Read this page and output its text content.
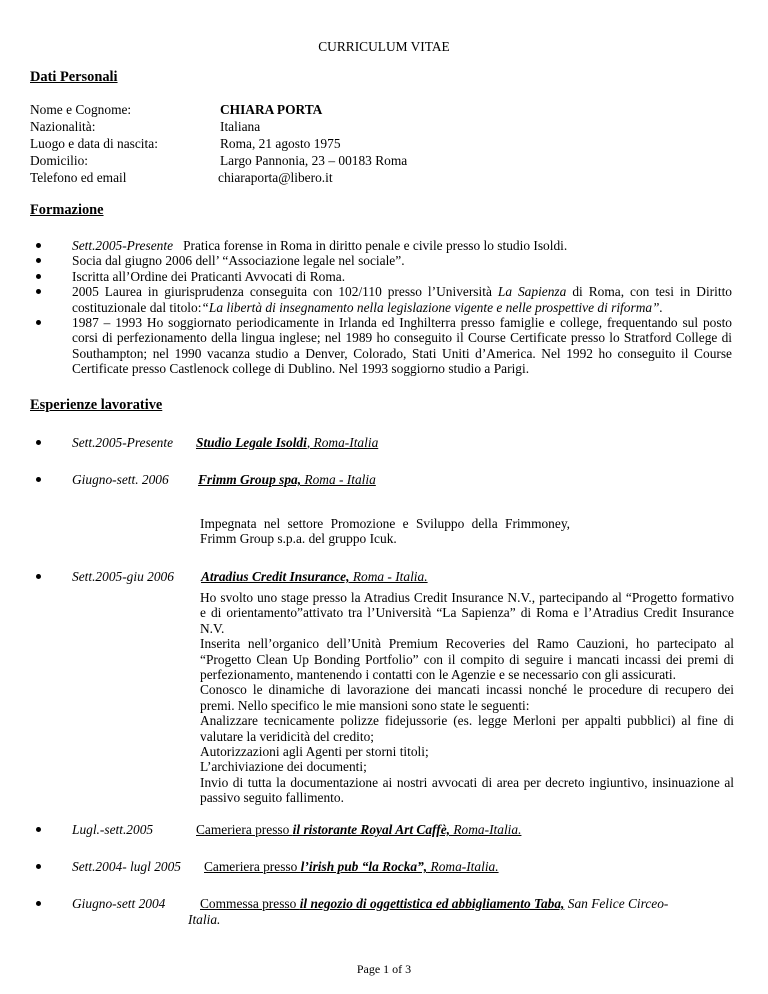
CURRICULUM VITAE
Dati Personali
Nome e Cognome:	CHIARA PORTA
Nazionalità:	Italiana
Luogo e data di nascita:	Roma, 21 agosto 1975
Domicilio:	Largo Pannonia, 23 – 00183 Roma
Telefono ed email	chiaraporta@libero.it
Formazione
Sett.2005-Presente Pratica forense in Roma in diritto penale e civile presso lo studio Isoldi.
Socia dal giugno 2006 dell’ “Associazione legale nel sociale”.
Iscritta all’Ordine dei Praticanti Avvocati di Roma.
2005 Laurea in giurisprudenza conseguita con 102/110 presso l’Università La Sapienza di Roma, con tesi in Diritto costituzionale dal titolo:“La libertà di insegnamento nella legislazione vigente e nelle prospettive di riforma”.
1987 – 1993 Ho soggiornato periodicamente in Irlanda ed Inghilterra presso famiglie e college, frequentando sul posto corsi di perfezionamento della lingua inglese; nel 1989 ho conseguito il Course Certificate presso lo Stratford College di Southampton; nel 1990 vacanza studio a Denver, Colorado, Stati Uniti d’America. Nel 1992 ho conseguito il Course Certificate presso Castlenock college di Dublino. Nel 1993 soggiorno studio a Parigi.
Esperienze lavorative
Sett.2005-Presente Studio Legale Isoldi, Roma-Italia
Giugno-sett. 2006 Frimm Group spa, Roma - Italia
Impegnata nel settore Promozione e Sviluppo della Frimmoney, Frimm Group s.p.a. del gruppo Icuk.
Sett.2005-giu 2006 Atradius Credit Insurance, Roma - Italia.
Ho svolto uno stage presso la Atradius Credit Insurance N.V., partecipando al “Progetto formativo e di orientamento”attivato tra l’Università “La Sapienza” di Roma e l’Atradius Credit Insurance N.V.
Inserita nell’organico dell’Unità Premium Recoveries del Ramo Cauzioni, ho partecipato al “Progetto Clean Up Bonding Portfolio” con il compito di seguire i mancati incassi dei premi di perfezionamento, mantenendo i contatti con le Agenzie e se necessario con gli assicurati.
Conosco le dinamiche di lavorazione dei mancati incassi nonché le procedure di recupero dei premi. Nello specifico le mie mansioni sono state le seguenti:
Analizzare tecnicamente polizze fidejussorie (es. legge Merloni per appalti pubblici) al fine di valutare la veridicità del credito;
Autorizzazioni agli Agenti per storni titoli;
L’archiviazione dei documenti;
Invio di tutta la documentazione ai nostri avvocati di area per decreto ingiuntivo, insinuazione al passivo seguito fallimento.
Lugl.-sett.2005	Cameriera presso il ristorante Royal Art Caffè, Roma-Italia.
Sett.2004- lugl 2005 Cameriera presso l’irish pub “la Rocka”, Roma-Italia.
Giugno-sett 2004	Commessa presso il negozio di oggettistica ed abbigliamento Taba, San Felice Circeo-
Italia.
Page 1 of 3
